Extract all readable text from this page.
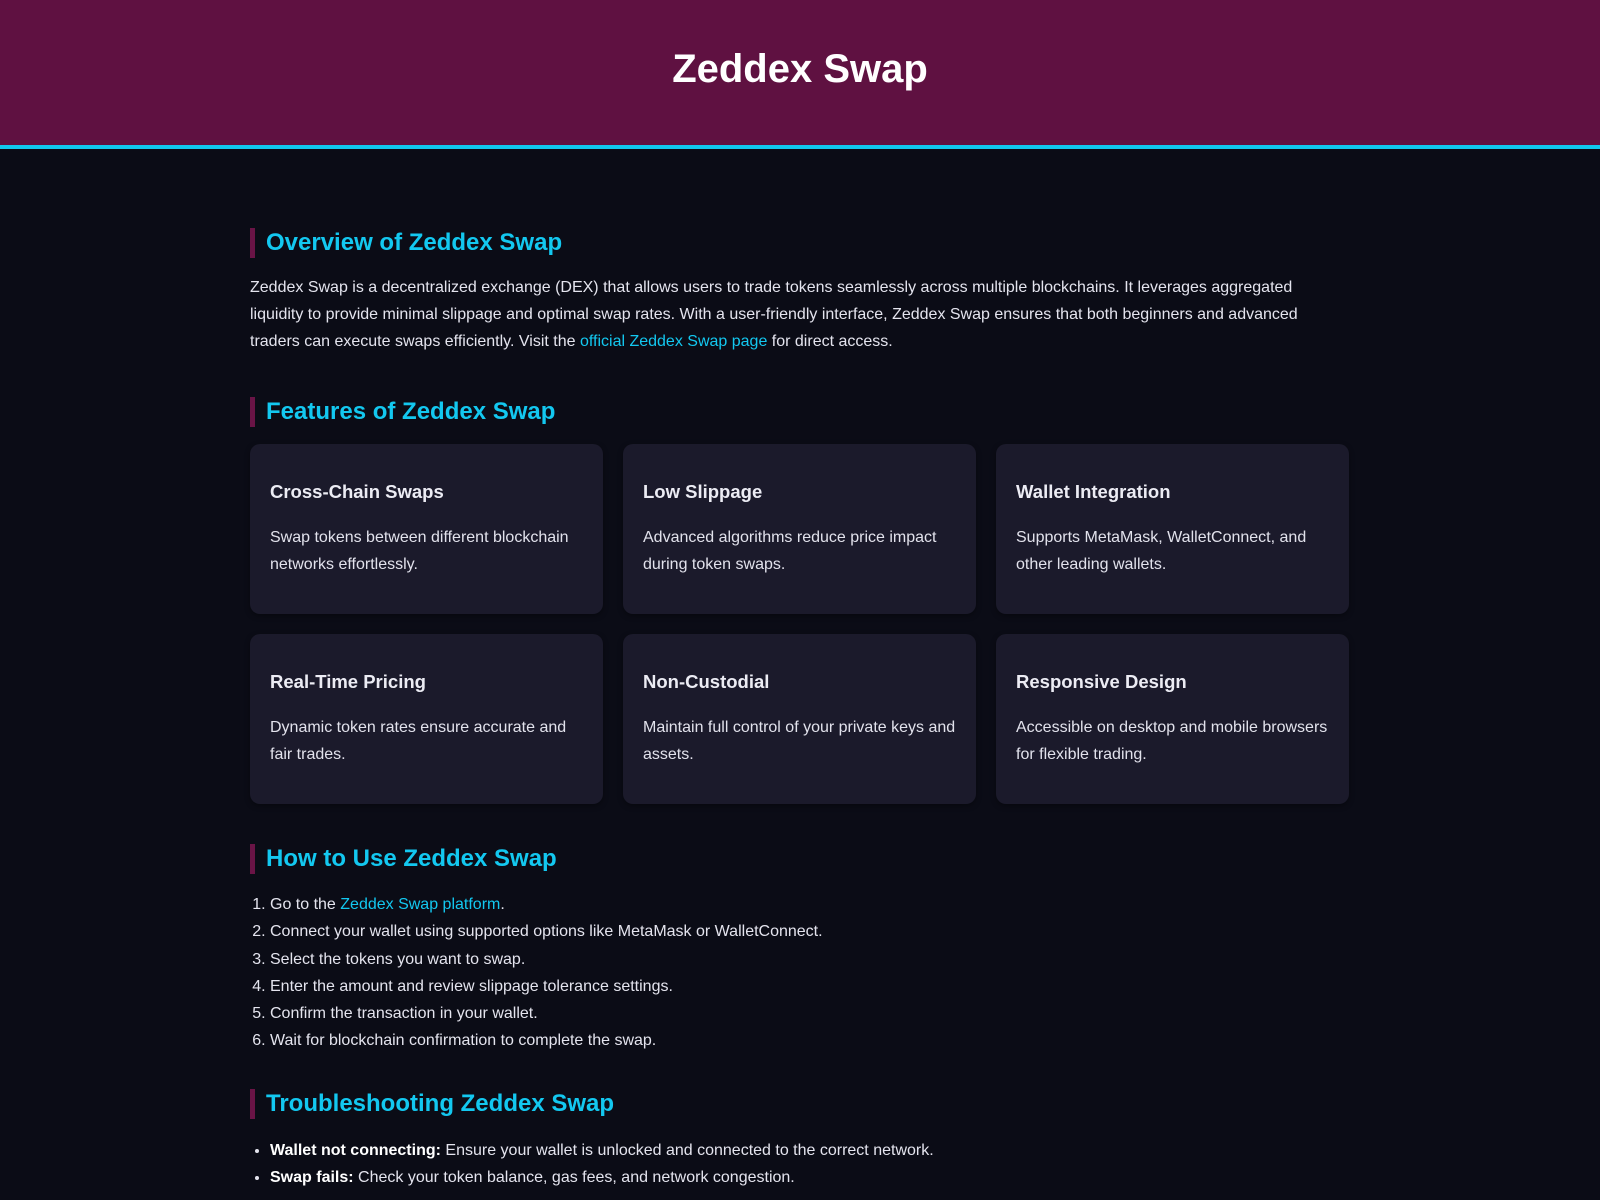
Zeddex Swap
Overview of Zeddex Swap

Zeddex Swap is a decentralized exchange (DEX) that allows users to trade tokens seamlessly across multiple blockchains. It leverages aggregated liquidity to provide minimal slippage and optimal swap rates. With a user-friendly interface, Zeddex Swap ensures that both beginners and advanced traders can execute swaps efficiently. Visit the official Zeddex Swap page for direct access.

Features of Zeddex Swap
Cross-Chain Swaps

Swap tokens between different blockchain networks effortlessly.

Low Slippage

Advanced algorithms reduce price impact during token swaps.

Wallet Integration

Supports MetaMask, WalletConnect, and other leading wallets.

Real-Time Pricing

Dynamic token rates ensure accurate and fair trades.

Non-Custodial

Maintain full control of your private keys and assets.

Responsive Design

Accessible on desktop and mobile browsers for flexible trading.

How to Use Zeddex Swap
1. Go to the Zeddex Swap platform.
2. Connect your wallet using supported options like MetaMask or WalletConnect.
3. Select the tokens you want to swap.
4. Enter the amount and review slippage tolerance settings.
5. Confirm the transaction in your wallet.
6. Wait for blockchain confirmation to complete the swap.
Troubleshooting Zeddex Swap
• Wallet not connecting: Ensure your wallet is unlocked and connected to the correct network.
• Swap fails: Check your token balance, gas fees, and network congestion.
